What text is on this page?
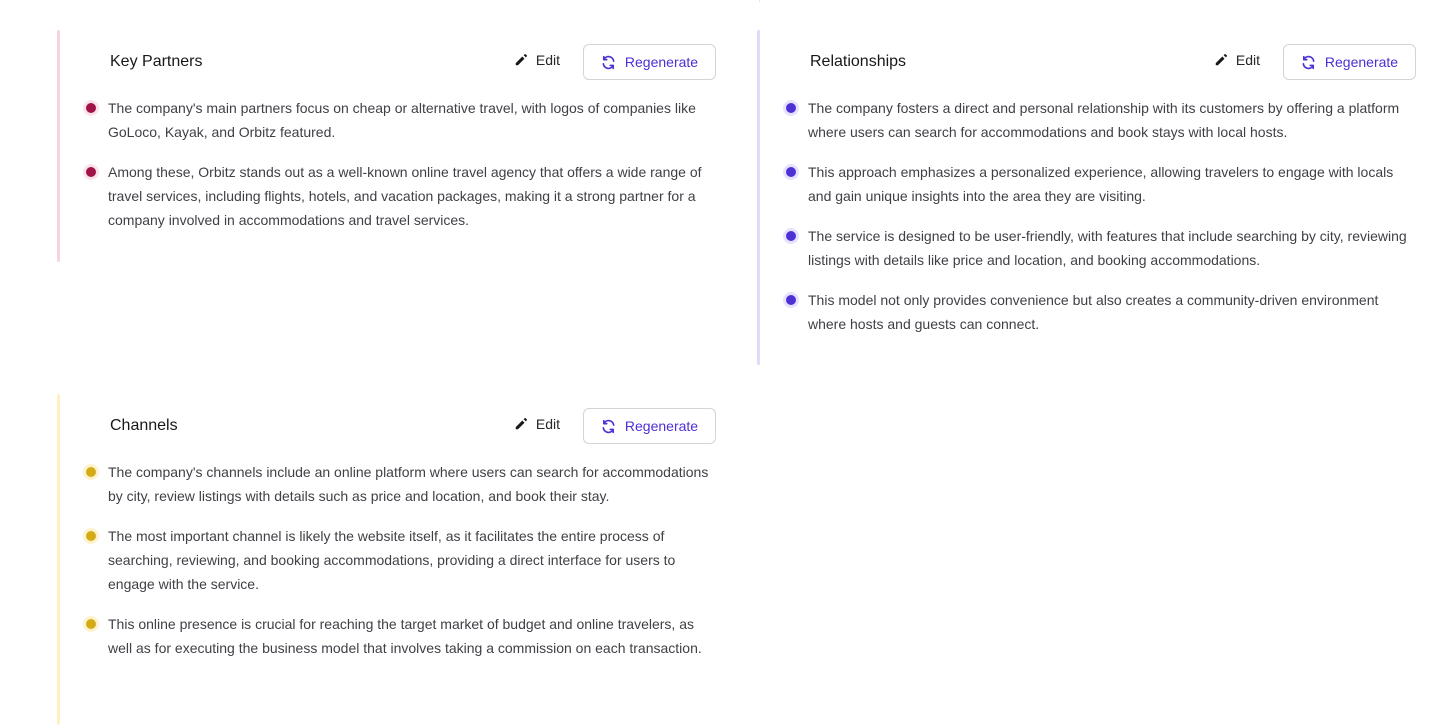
Key Partners	Edit	Regenerate
The company's main partners focus on cheap or alternative travel, with logos of companies like GoLoco, Kayak, and Orbitz featured.
Among these, Orbitz stands out as a well-known online travel agency that offers a wide range of travel services, including flights, hotels, and vacation packages, making it a strong partner for a company involved in accommodations and travel services.
Relationships	Edit	Regenerate
The company fosters a direct and personal relationship with its customers by offering a platform where users can search for accommodations and book stays with local hosts.
This approach emphasizes a personalized experience, allowing travelers to engage with locals and gain unique insights into the area they are visiting.
The service is designed to be user-friendly, with features that include searching by city, reviewing listings with details like price and location, and booking accommodations.
This model not only provides convenience but also creates a community-driven environment where hosts and guests can connect.
Channels	Edit	Regenerate
The company's channels include an online platform where users can search for accommodations by city, review listings with details such as price and location, and book their stay.
The most important channel is likely the website itself, as it facilitates the entire process of searching, reviewing, and booking accommodations, providing a direct interface for users to engage with the service.
This online presence is crucial for reaching the target market of budget and online travelers, as well as for executing the business model that involves taking a commission on each transaction.
